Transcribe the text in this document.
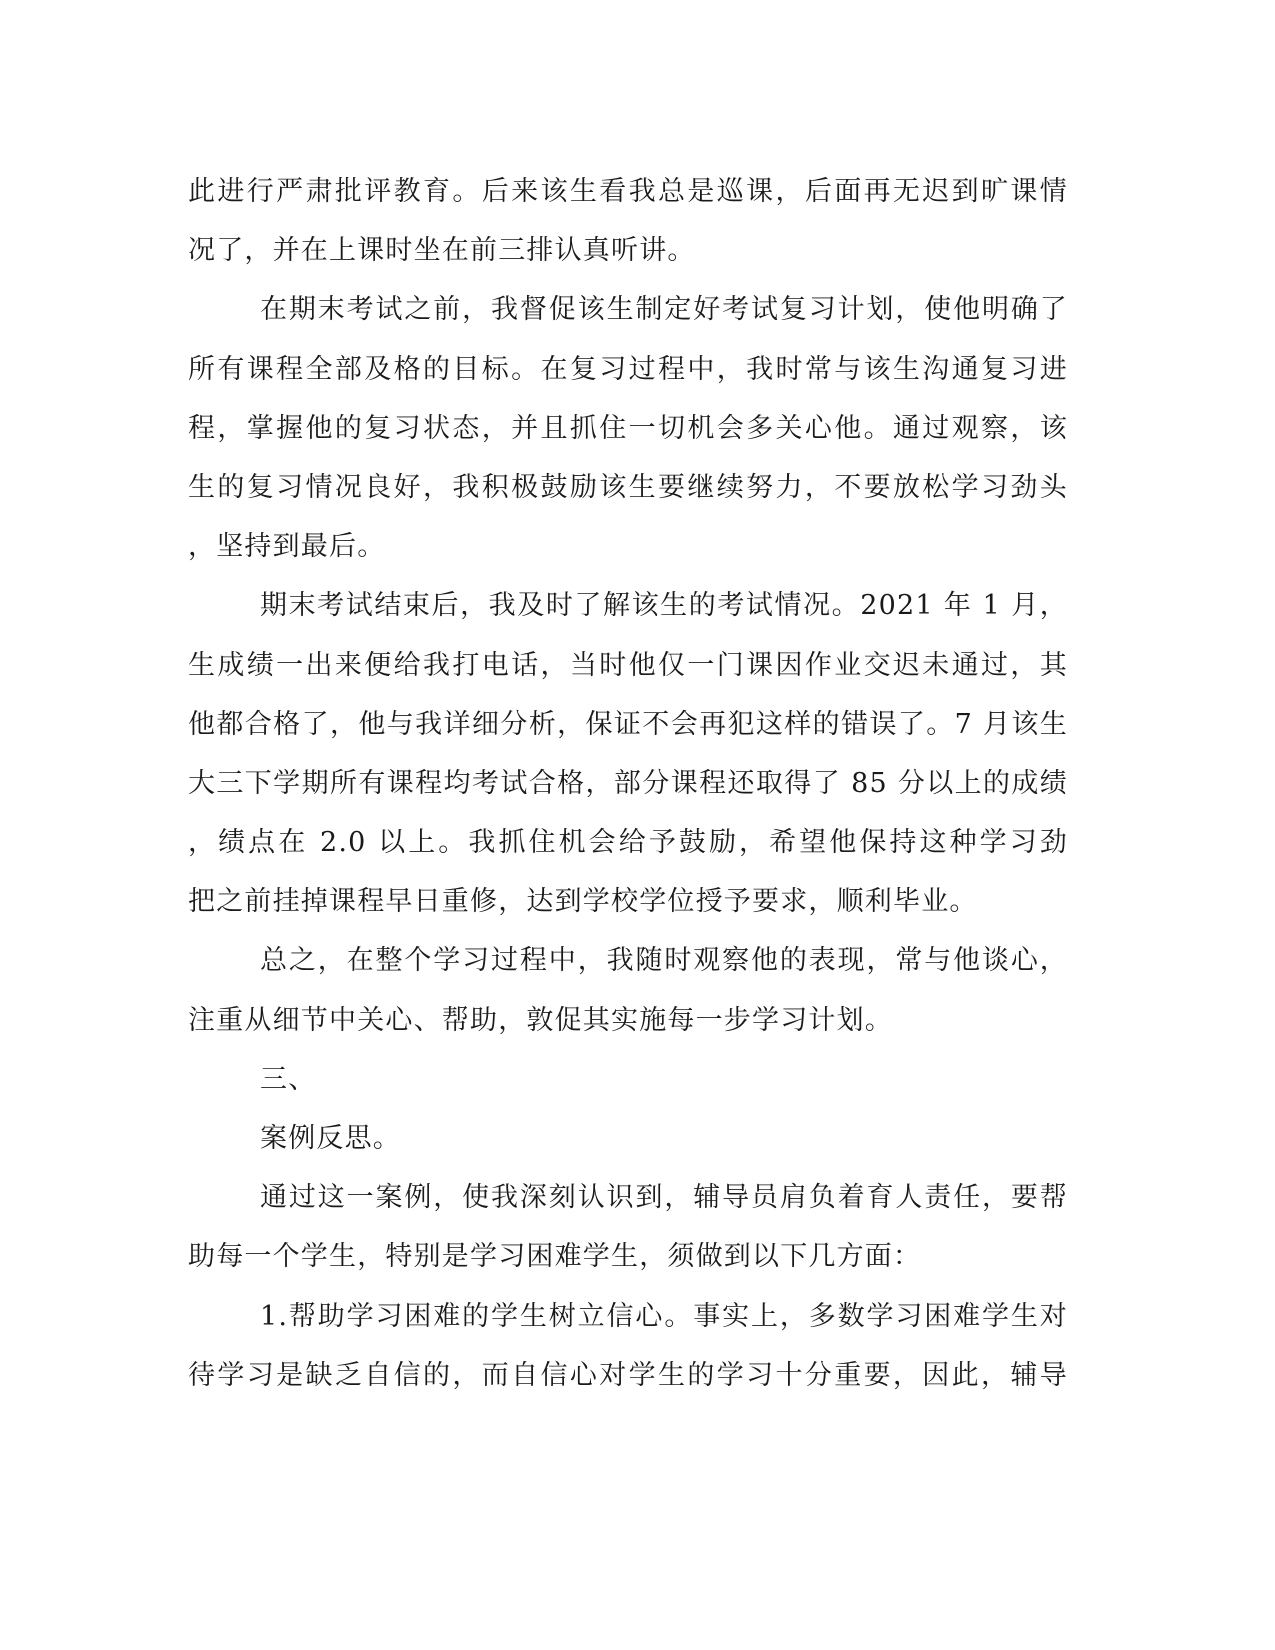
此进行严肃批评教育。后来该生看我总是巡课，后面再无迟到旷课情
况了，并在上课时坐在前三排认真听讲。
在期末考试之前，我督促该生制定好考试复习计划，使他明确了
所有课程全部及格的目标。在复习过程中，我时常与该生沟通复习进
程，掌握他的复习状态，并且抓住一切机会多关心他。通过观察，该
生的复习情况良好，我积极鼓励该生要继续努力，不要放松学习劲头
，坚持到最后。
期末考试结束后，我及时了解该生的考试情况。2021 年 1 月，
生成绩一出来便给我打电话，当时他仅一门课因作业交迟未通过，其
他都合格了，他与我详细分析，保证不会再犯这样的错误了。7 月该生
大三下学期所有课程均考试合格，部分课程还取得了 85 分以上的成绩
，绩点在 2.0 以上。我抓住机会给予鼓励，希望他保持这种学习劲
把之前挂掉课程早日重修，达到学校学位授予要求，顺利毕业。
总之，在整个学习过程中，我随时观察他的表现，常与他谈心，
注重从细节中关心、帮助，敦促其实施每一步学习计划。
三、
案例反思。
通过这一案例，使我深刻认识到，辅导员肩负着育人责任，要帮
助每一个学生，特别是学习困难学生，须做到以下几方面：
1.帮助学习困难的学生树立信心。事实上，多数学习困难学生对
待学习是缺乏自信的，而自信心对学生的学习十分重要，因此，辅导
